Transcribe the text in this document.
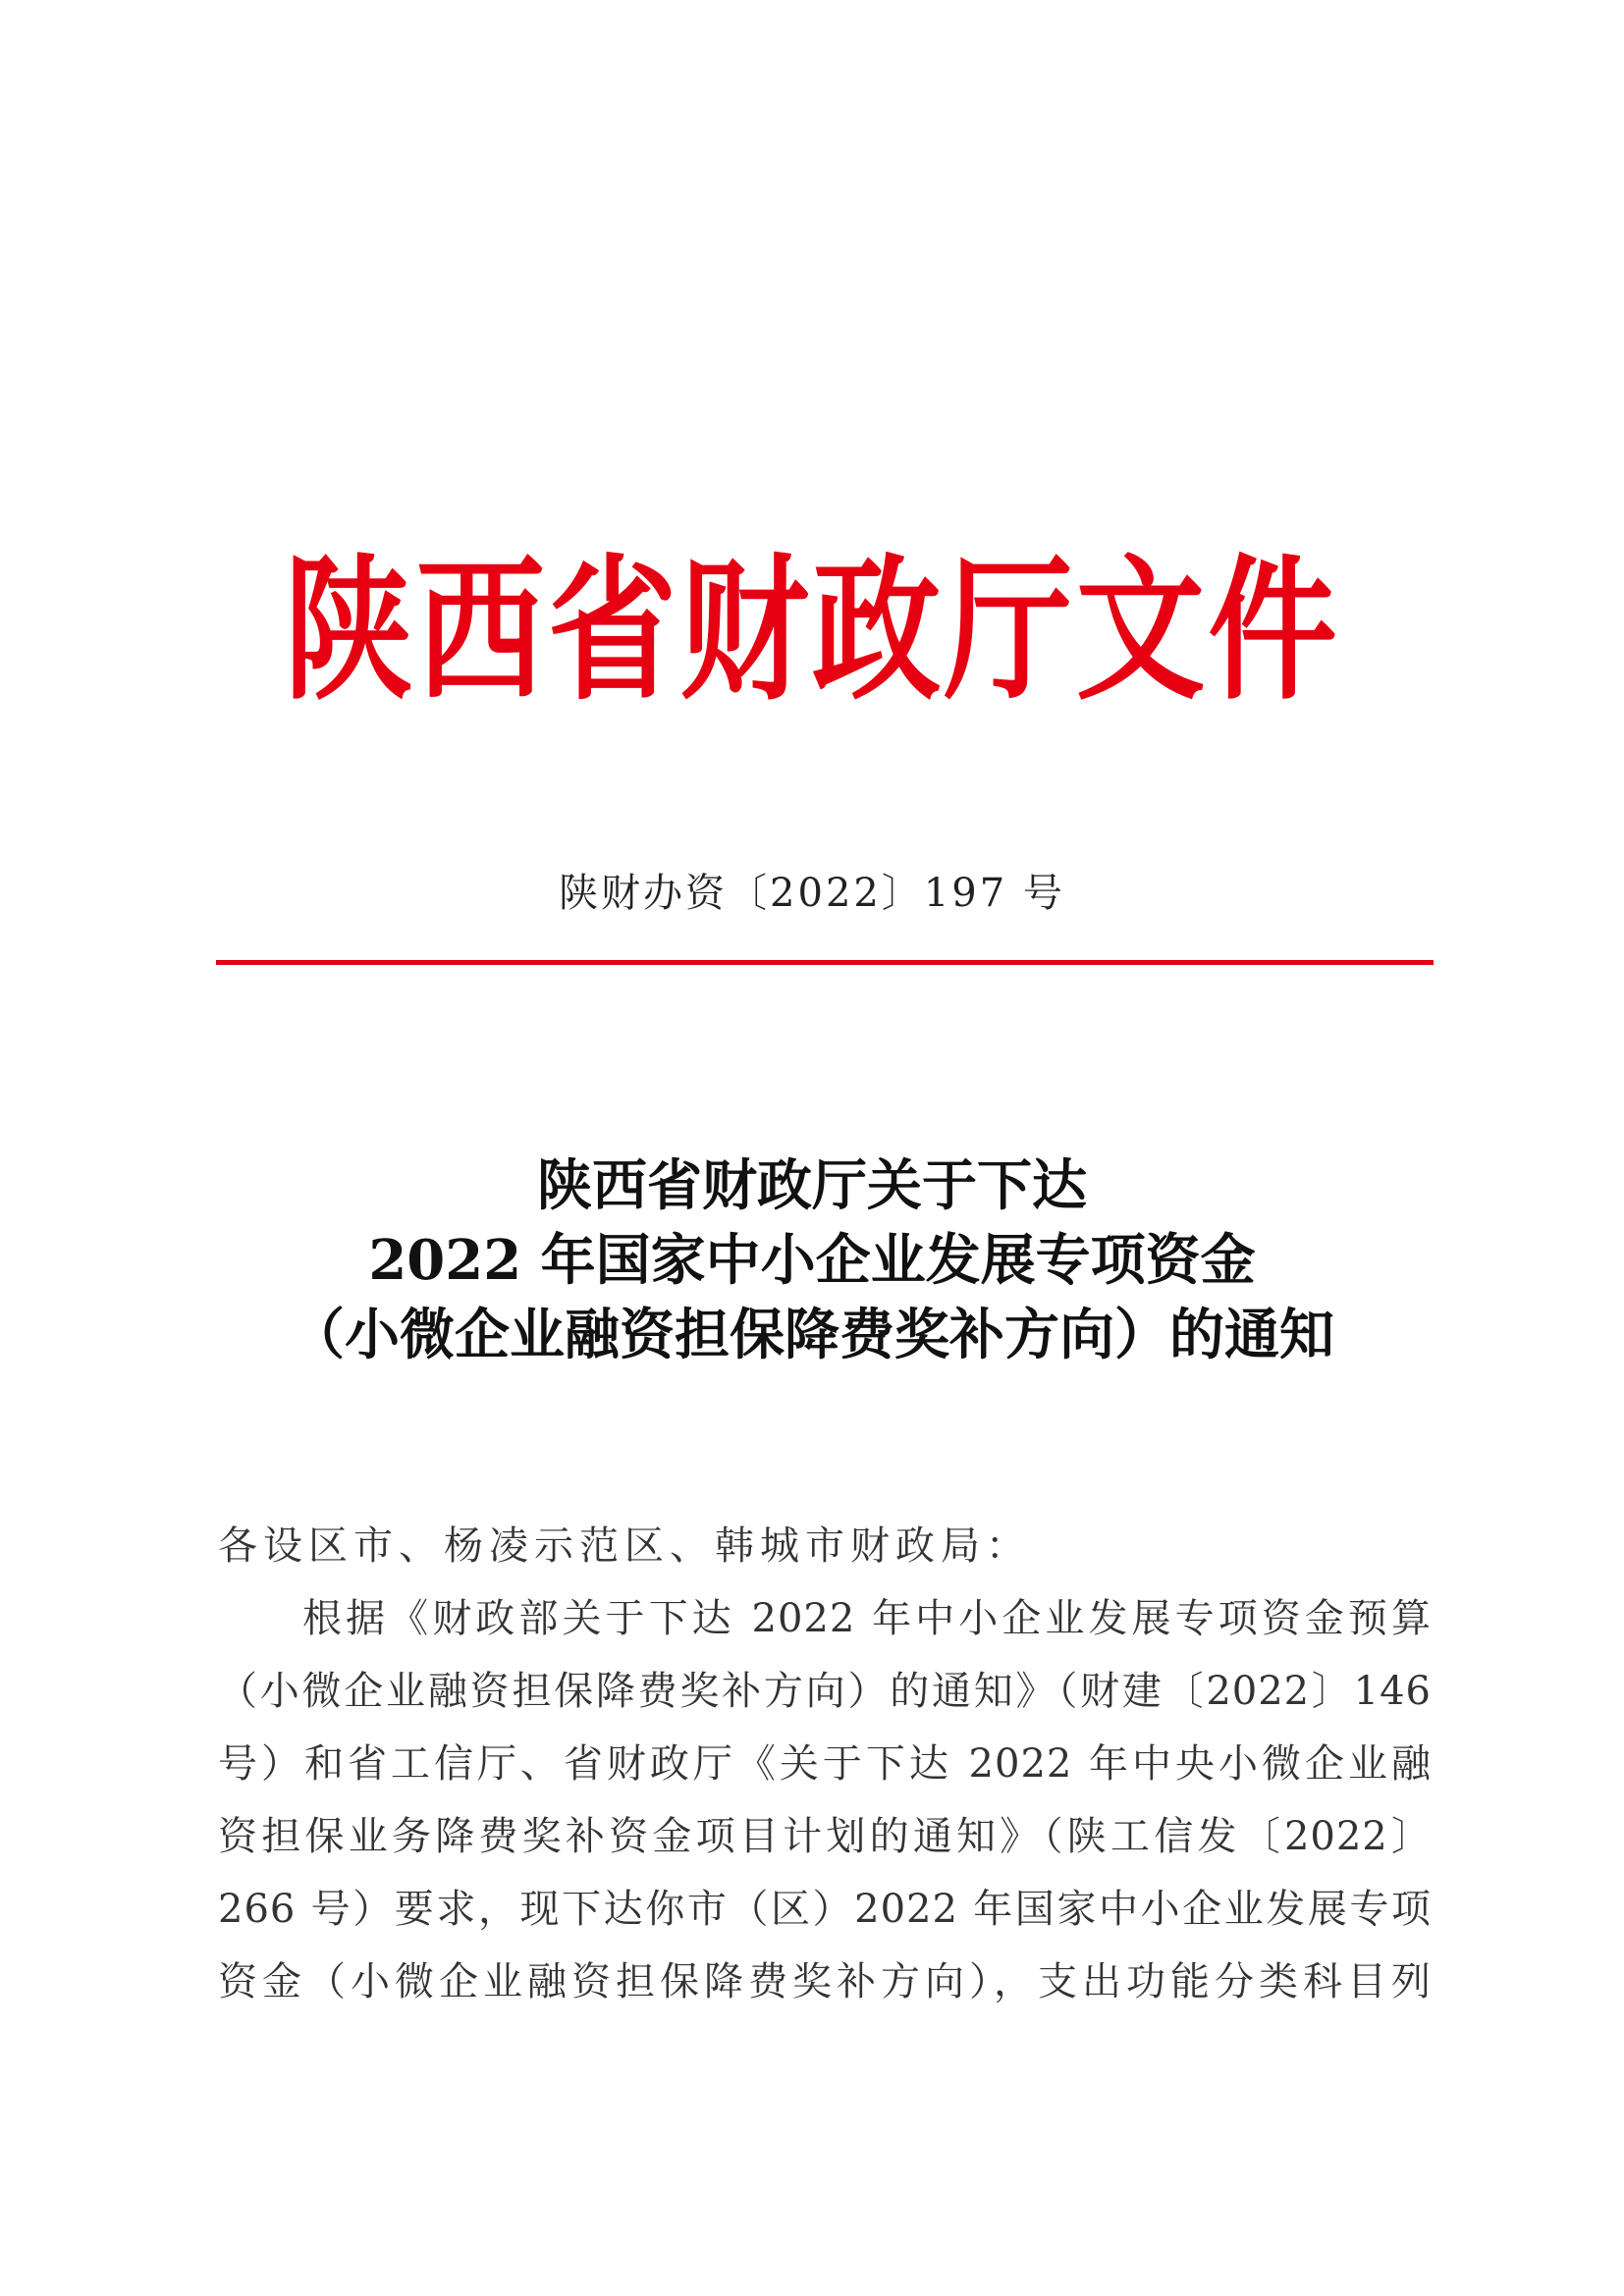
陕西省财政厅文件
陕财办资〔2022〕197 号
陕西省财政厅关于下达
2022 年国家中小企业发展专项资金
（小微企业融资担保降费奖补方向）的通知
各设区市、杨凌示范区、韩城市财政局：
根据《财政部关于下达 2022 年中小企业发展专项资金预算
（小微企业融资担保降费奖补方向）的通知》（财建〔2022〕146
号）和省工信厅、省财政厅《关于下达 2022 年中央小微企业融
资担保业务降费奖补资金项目计划的通知》（陕工信发〔2022〕
266 号）要求，现下达你市（区）2022 年国家中小企业发展专项
资金（小微企业融资担保降费奖补方向），支出功能分类科目列
